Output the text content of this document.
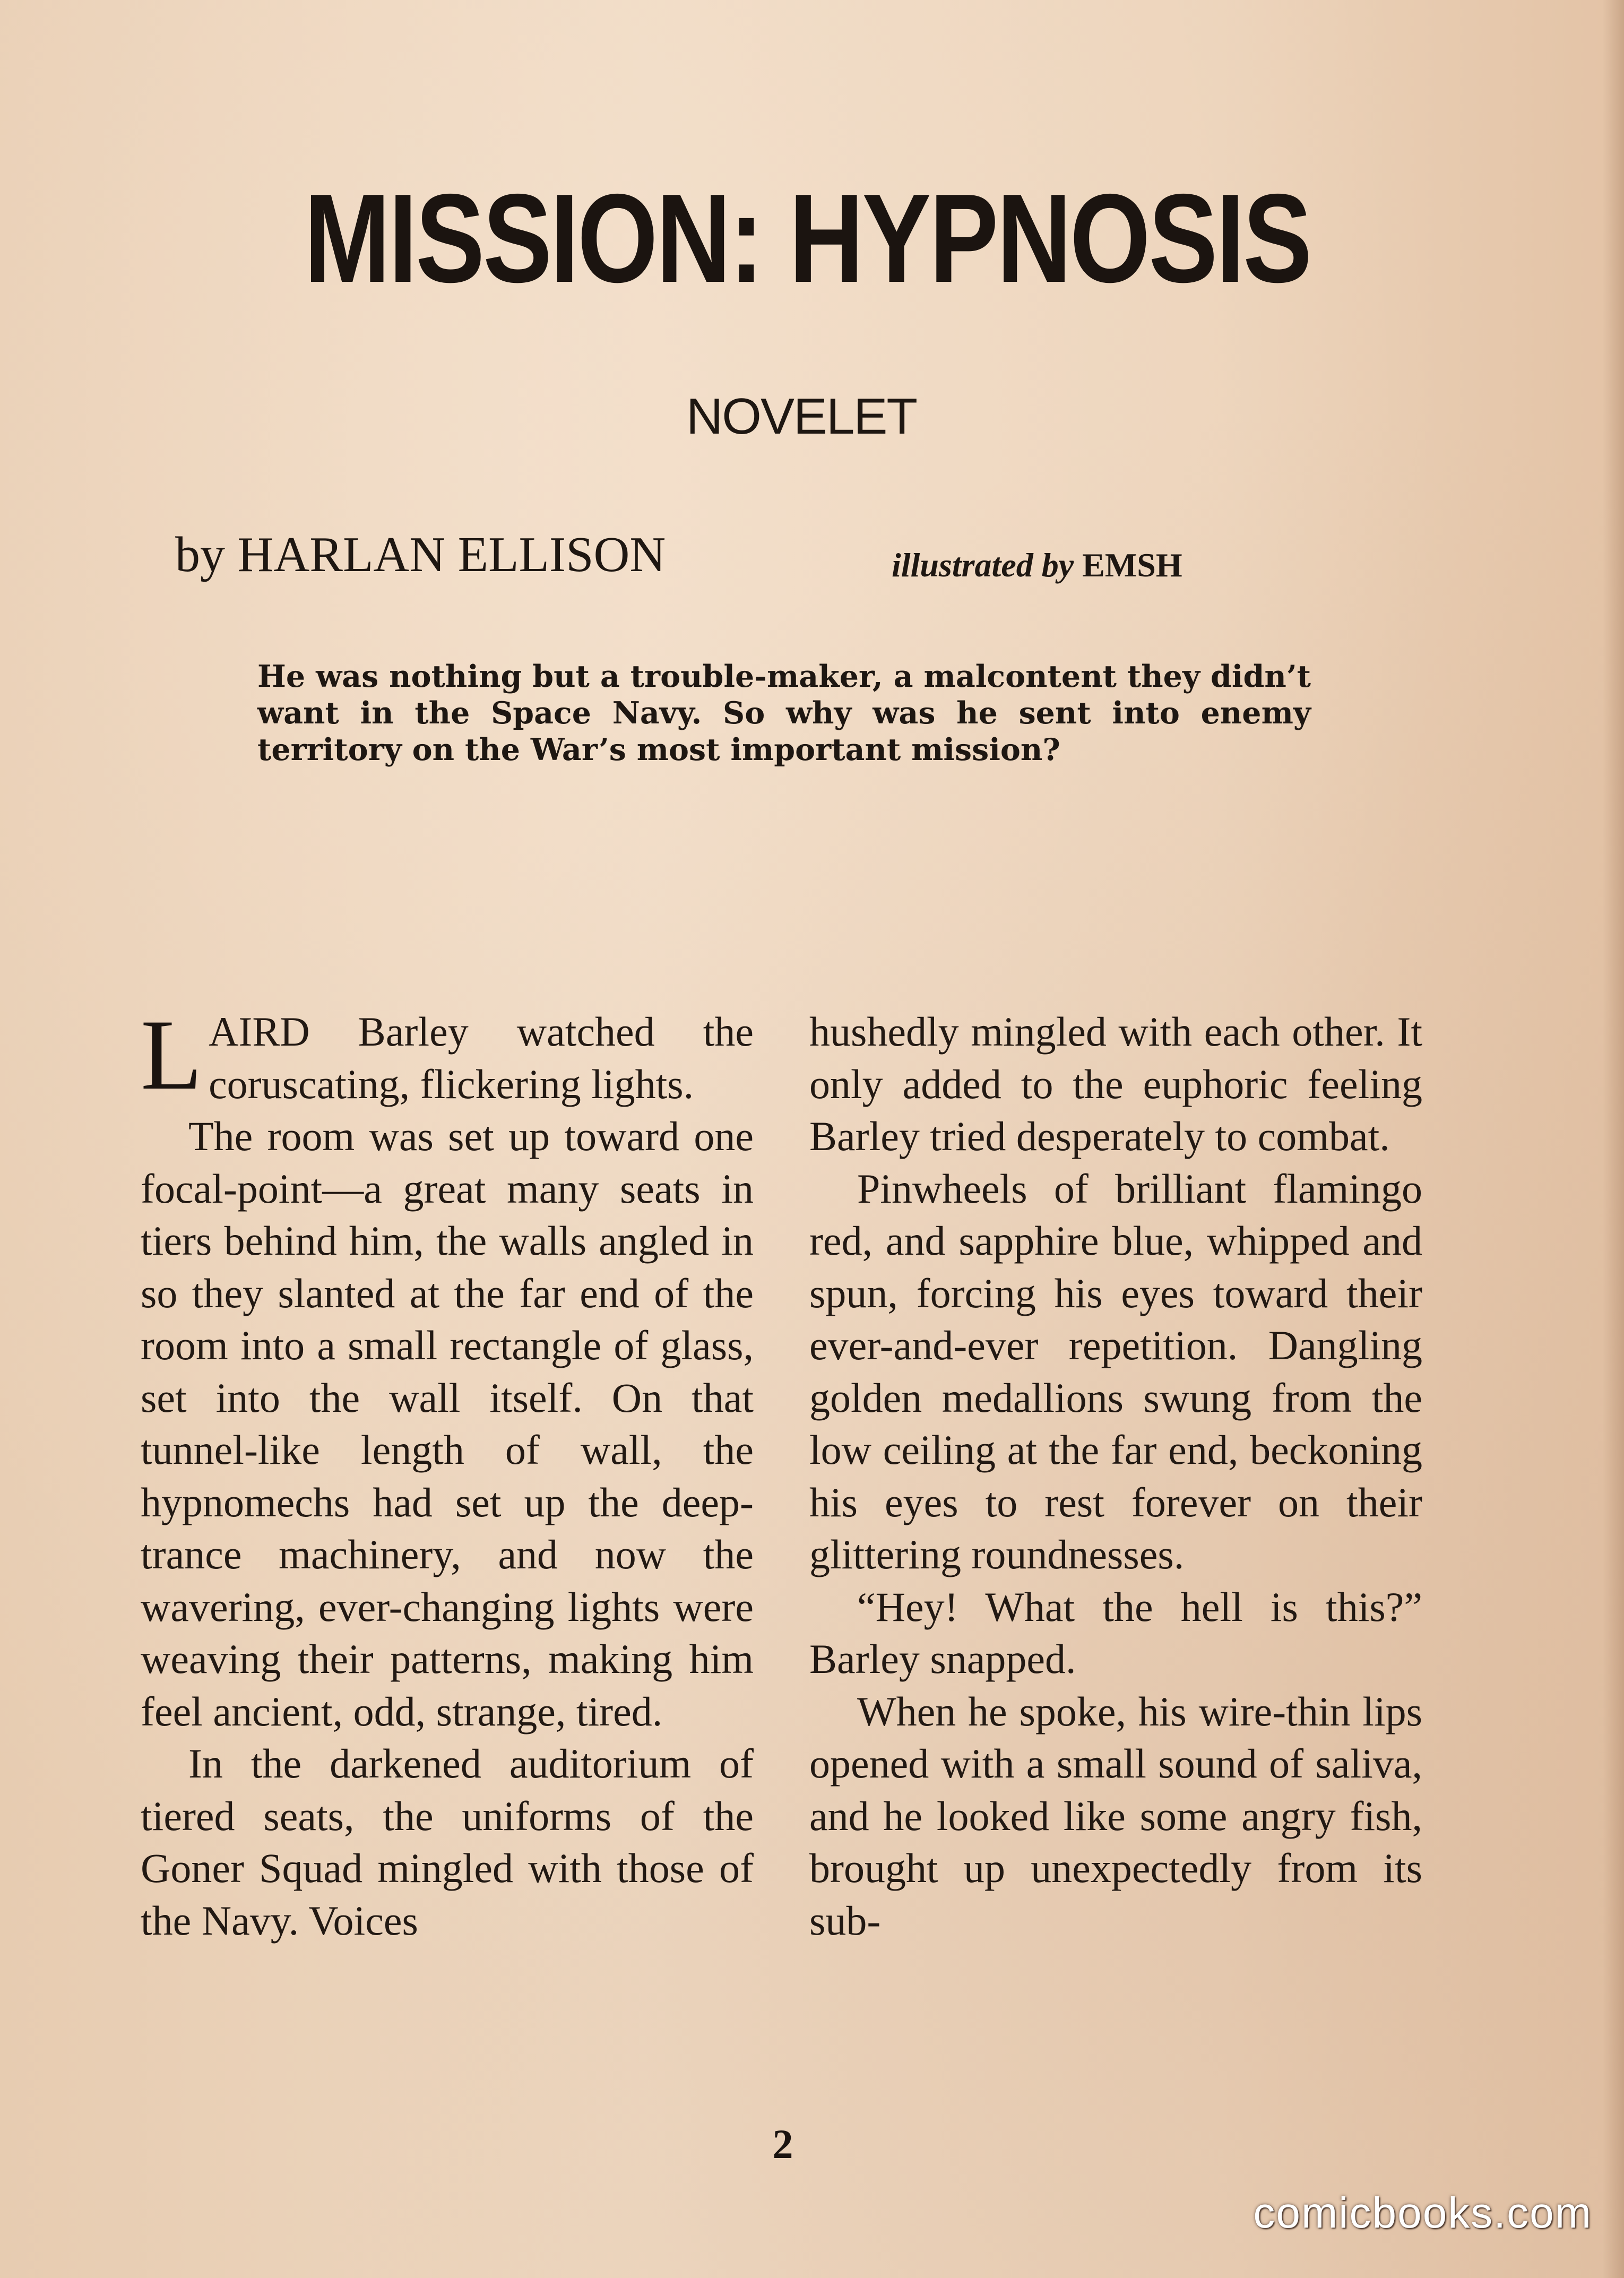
MISSION: HYPNOSIS
NOVELET
by HARLAN ELLISON	illustrated by EMSH
He was nothing but a trouble-maker, a malcontent they didn’t want in the Space Navy. So why was he sent into enemy territory on the War’s most important mission?

LAIRD Barley watched the coruscating, flickering lights.

The room was set up toward one focal-point—a great many seats in tiers behind him, the walls angled in so they slanted at the far end of the room into a small rectangle of glass, set into the wall itself. On that tunnel-like length of wall, the hypnomechs had set up the deep-trance machinery, and now the wavering, ever-changing lights were weaving their patterns, making him feel ancient, odd, strange, tired.

In the darkened auditorium of tiered seats, the uniforms of the Goner Squad mingled with those of the Navy. Voices

hushedly mingled with each other. It only added to the euphoric feeling Barley tried desperately to combat.

Pinwheels of brilliant flamingo red, and sapphire blue, whipped and spun, forcing his eyes toward their ever-and-ever repetition. Dangling golden medallions swung from the low ceiling at the far end, beckoning his eyes to rest forever on their glittering roundnesses.

“Hey! What the hell is this?” Barley snapped.

When he spoke, his wire-thin lips opened with a small sound of saliva, and he looked like some angry fish, brought up unexpectedly from its sub-

2
comicbooks.com
